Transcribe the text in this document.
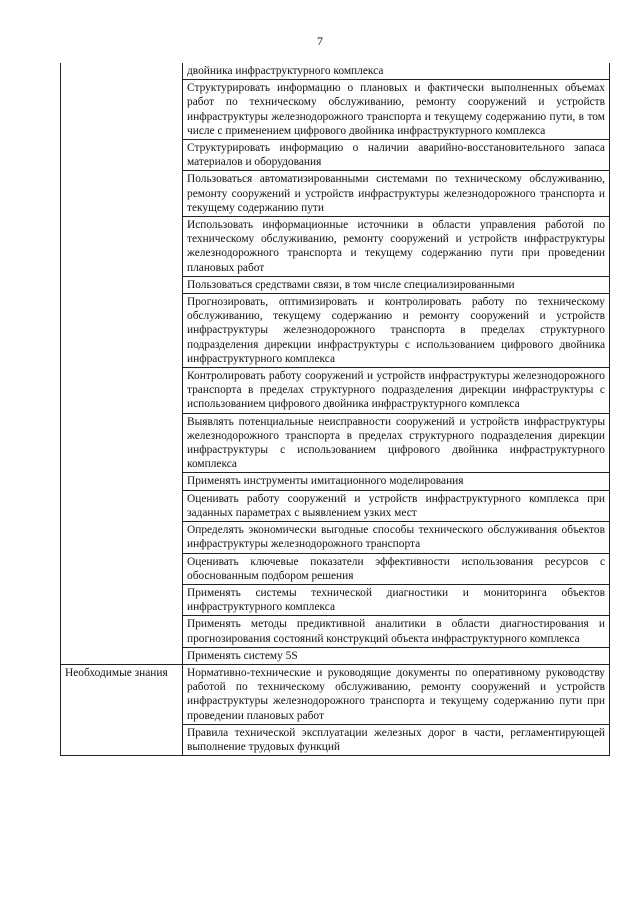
7
	двойника инфраструктурного комплекса
	Структурировать информацию о плановых и фактически выполненных объемах работ по техническому обслуживанию, ремонту сооружений и устройств инфраструктуры железнодорожного транспорта и текущему содержанию пути, в том числе с применением цифрового двойника инфраструктурного комплекса
	Структурировать информацию о наличии аварийно-восстановительного запаса материалов и оборудования
	Пользоваться автоматизированными системами по техническому обслуживанию, ремонту сооружений и устройств инфраструктуры железнодорожного транспорта и текущему содержанию пути
	Использовать информационные источники в области управления работой по техническому обслуживанию, ремонту сооружений и устройств инфраструктуры железнодорожного транспорта и текущему содержанию пути при проведении плановых работ
	Пользоваться средствами связи, в том числе специализированными
	Прогнозировать, оптимизировать и контролировать работу по техническому обслуживанию, текущему содержанию и ремонту сооружений и устройств инфраструктуры железнодорожного транспорта в пределах структурного подразделения дирекции инфраструктуры с использованием цифрового двойника инфраструктурного комплекса
	Контролировать работу сооружений и устройств инфраструктуры железнодорожного транспорта в пределах структурного подразделения дирекции инфраструктуры с использованием цифрового двойника инфраструктурного комплекса
	Выявлять потенциальные неисправности сооружений и устройств инфраструктуры железнодорожного транспорта в пределах структурного подразделения дирекции инфраструктуры с использованием цифрового двойника инфраструктурного комплекса
	Применять инструменты имитационного моделирования
	Оценивать работу сооружений и устройств инфраструктурного комплекса при заданных параметрах с выявлением узких мест
	Определять экономически выгодные способы технического обслуживания объектов инфраструктуры железнодорожного транспорта
	Оценивать ключевые показатели эффективности использования ресурсов с обоснованным подбором решения
	Применять системы технической диагностики и мониторинга объектов инфраструктурного комплекса
	Применять методы предиктивной аналитики в области диагностирования и прогнозирования состояний конструкций объекта инфраструктурного комплекса
	Применять систему 5S
Необходимые знания	Нормативно-технические и руководящие документы по оперативному руководству работой по техническому обслуживанию, ремонту сооружений и устройств инфраструктуры железнодорожного транспорта и текущему содержанию пути при проведении плановых работ
	Правила технической эксплуатации железных дорог в части, регламентирующей выполнение трудовых функций
